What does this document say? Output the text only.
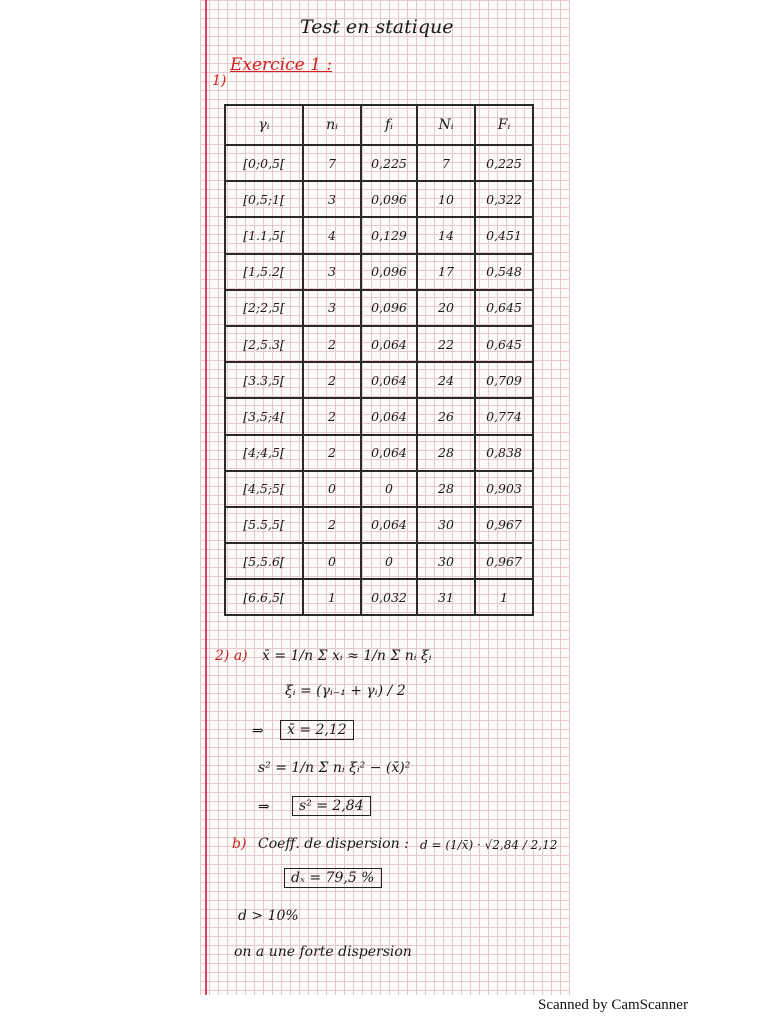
Test en statique
Exercice 1 :
1)
γᵢ	nᵢ	fᵢ	Nᵢ	Fᵢ
[0;0,5[	7	0,225	7	0,225
[0,5;1[	3	0,096	10	0,322
[1.1,5[	4	0,129	14	0,451
[1,5.2[	3	0,096	17	0,548
[2;2,5[	3	0,096	20	0,645
[2,5.3[	2	0,064	22	0,645
[3.3,5[	2	0,064	24	0,709
[3,5;4[	2	0,064	26	0,774
[4;4,5[	2	0,064	28	0,838
[4,5;5[	0	0	28	0,903
[5.5,5[	2	0,064	30	0,967
[5,5.6[	0	0	30	0,967
[6.6,5[	1	0,032	31	1
2) a) x̄ = 1/n Σ xᵢ ≈ 1/n Σ nᵢ ξᵢ
ξᵢ = (γᵢ₋₁ + γᵢ) / 2
⇒	x̄ = 2,12
s² = 1/n Σ nᵢ ξᵢ² − (x̄)²
⇒	s² = 2,84
b) Coeff. de dispersion : d = (1/x̄) · √2,84 / 2,12
dₓ = 79,5 %
d > 10%
on a une forte dispersion
Scanned by CamScanner
